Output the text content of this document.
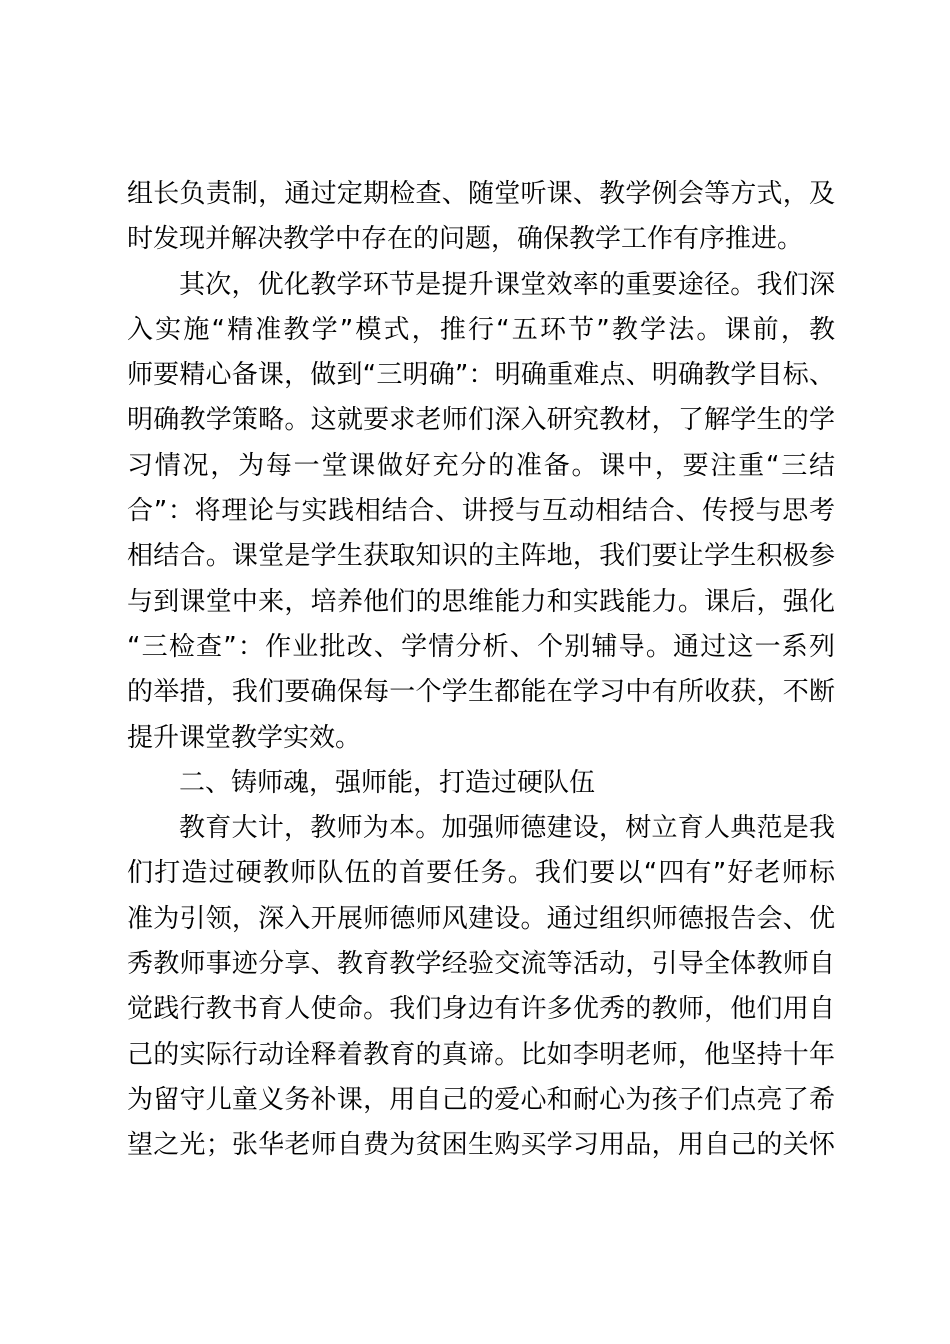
组长负责制，通过定期检查、随堂听课、教学例会等方式，及
时发现并解决教学中存在的问题，确保教学工作有序推进。
其次，优化教学环节是提升课堂效率的重要途径。我们深
入实施“精准教学”模式，推行“五环节”教学法。课前，教
师要精心备课，做到“三明确”：明确重难点、明确教学目标、
明确教学策略。这就要求老师们深入研究教材，了解学生的学
习情况，为每一堂课做好充分的准备。课中，要注重“三结
合”：将理论与实践相结合、讲授与互动相结合、传授与思考
相结合。课堂是学生获取知识的主阵地，我们要让学生积极参
与到课堂中来，培养他们的思维能力和实践能力。课后，强化
“三检查”：作业批改、学情分析、个别辅导。通过这一系列
的举措，我们要确保每一个学生都能在学习中有所收获，不断
提升课堂教学实效。
二、铸师魂，强师能，打造过硬队伍
教育大计，教师为本。加强师德建设，树立育人典范是我
们打造过硬教师队伍的首要任务。我们要以“四有”好老师标
准为引领，深入开展师德师风建设。通过组织师德报告会、优
秀教师事迹分享、教育教学经验交流等活动，引导全体教师自
觉践行教书育人使命。我们身边有许多优秀的教师，他们用自
己的实际行动诠释着教育的真谛。比如李明老师，他坚持十年
为留守儿童义务补课，用自己的爱心和耐心为孩子们点亮了希
望之光；张华老师自费为贫困生购买学习用品，用自己的关怀
